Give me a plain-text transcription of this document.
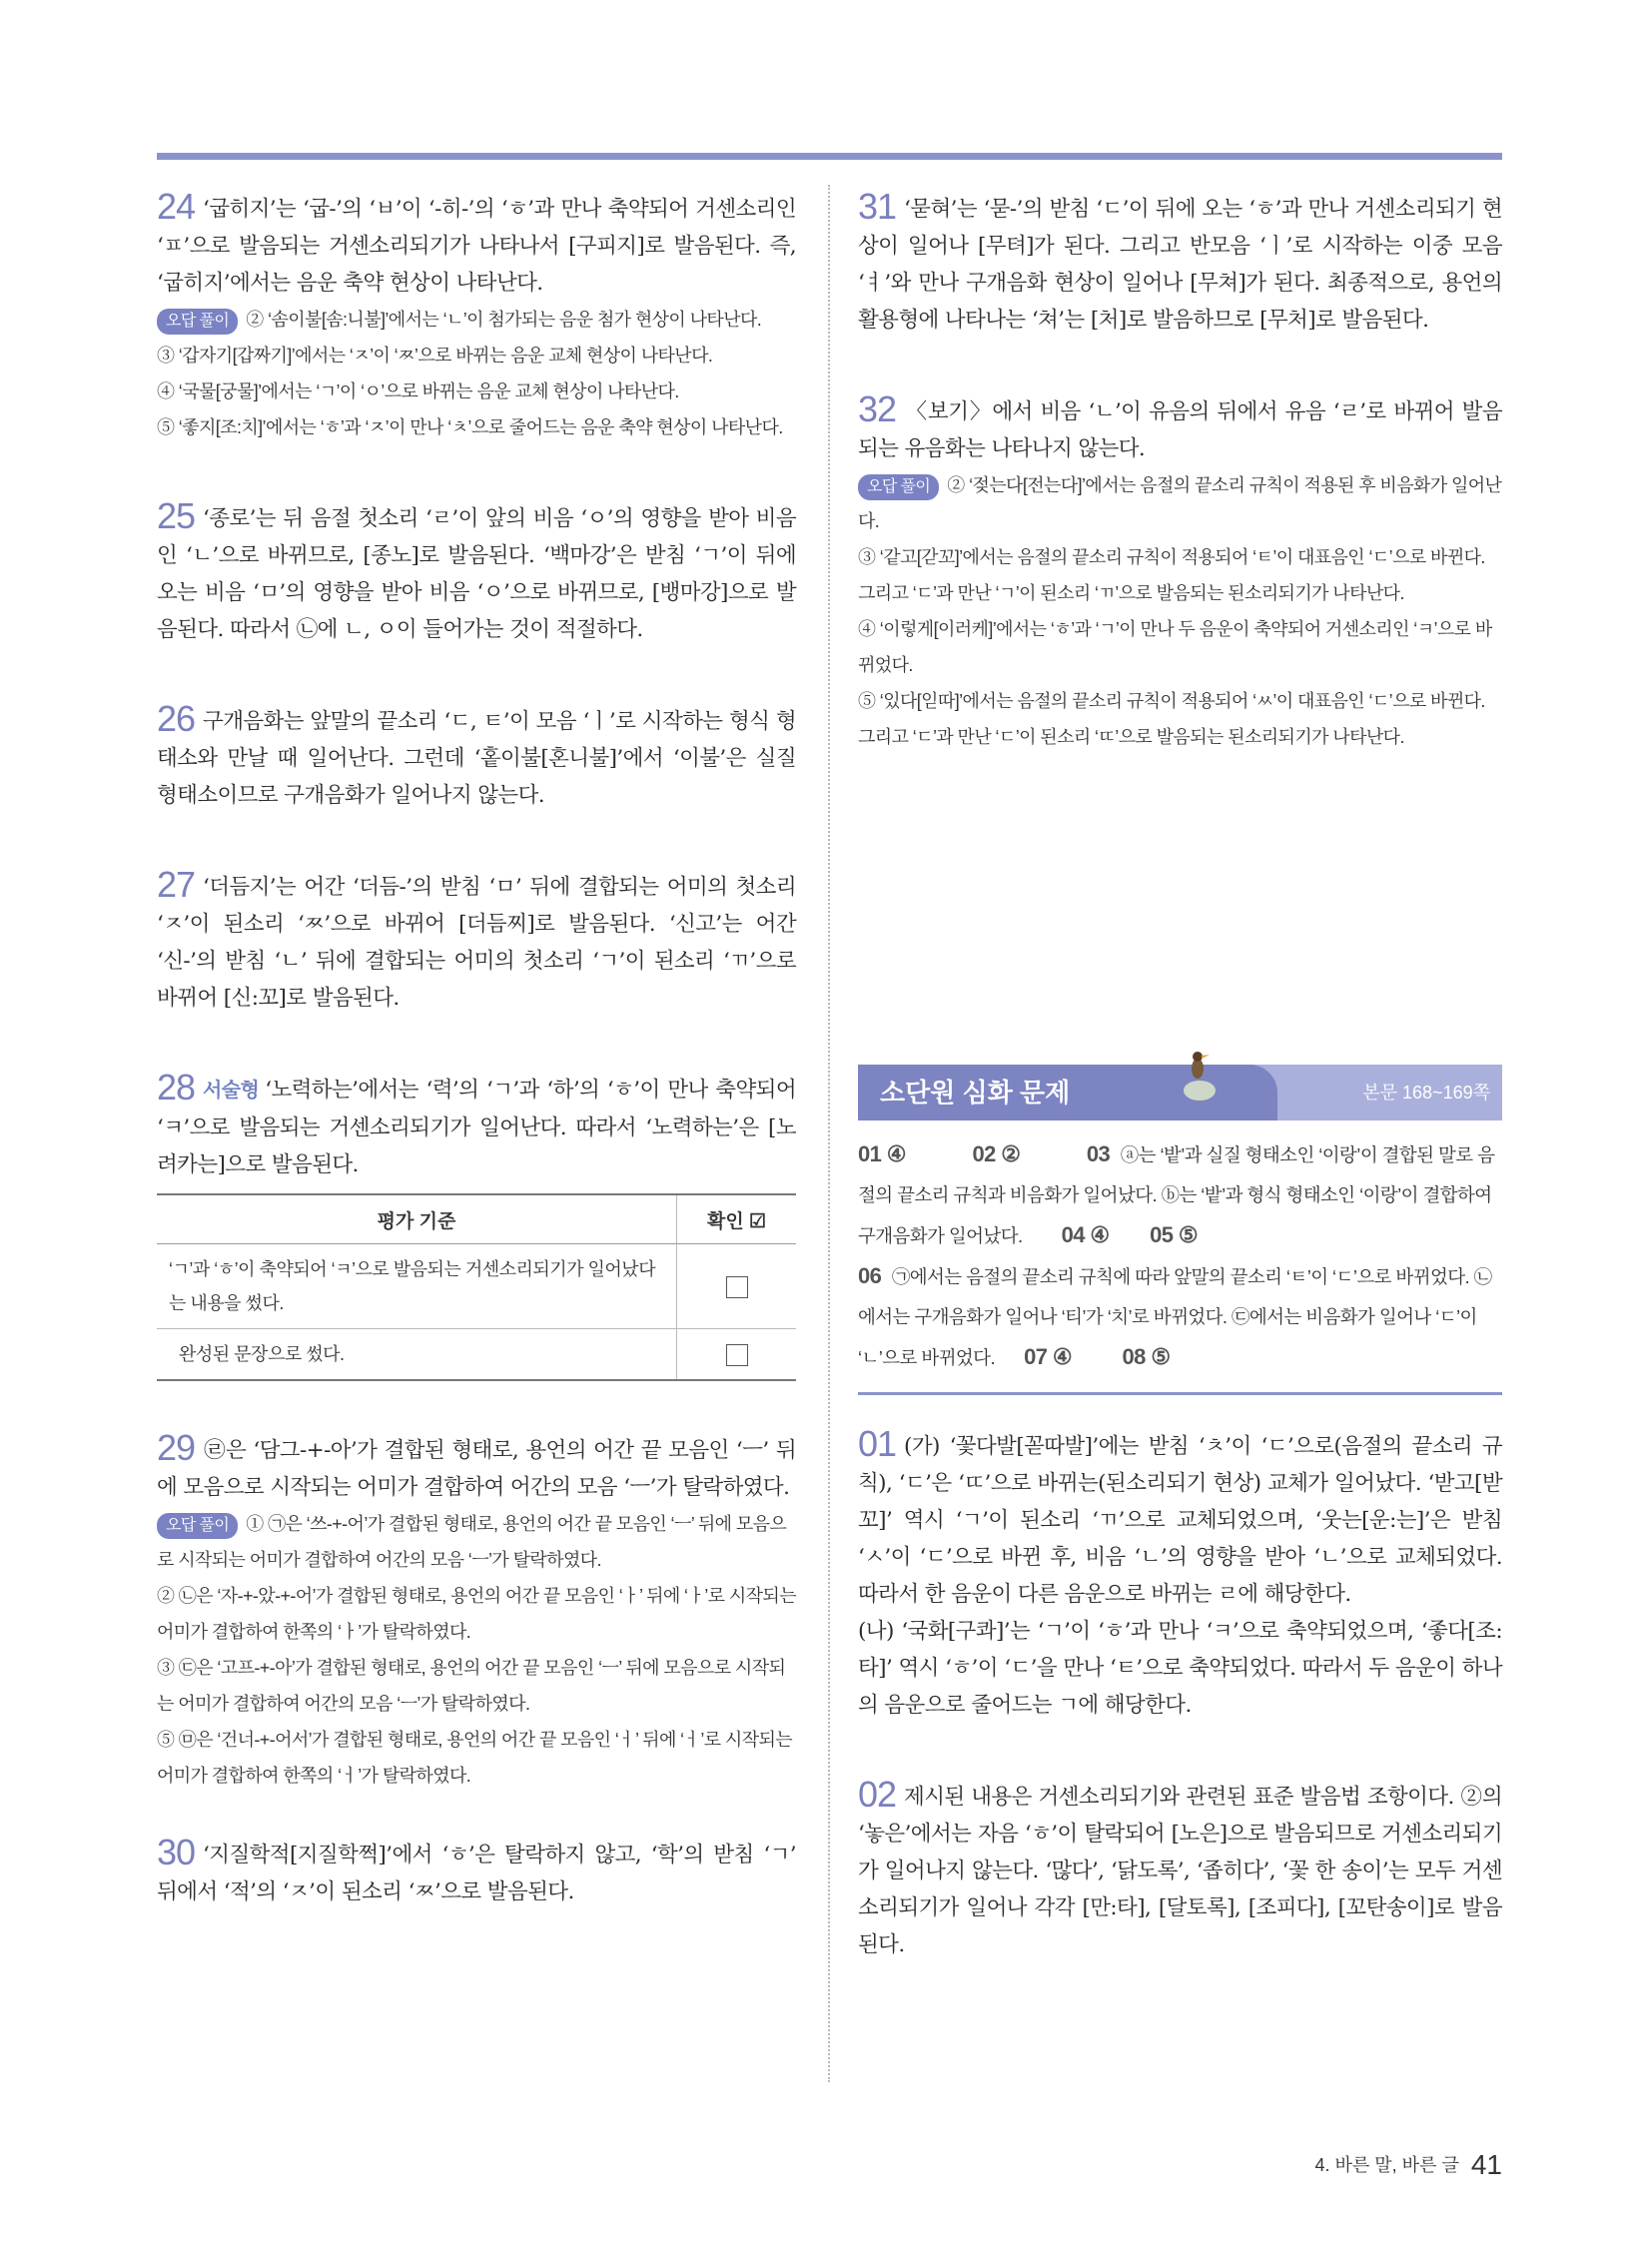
24 ‘굽히지’는 ‘굽-’의 ‘ㅂ’이 ‘-히-’의 ‘ㅎ’과 만나 축약되어 거센소리인 ‘ㅍ’으로 발음되는 거센소리되기가 나타나서 [구피지]로 발음된다. 즉, ‘굽히지’에서는 음운 축약 현상이 나타난다.

오답 풀이 ② ‘솜이불[솜:니불]’에서는 ‘ㄴ’이 첨가되는 음운 첨가 현상이 나타난다.

③ ‘갑자기[갑짜기]’에서는 ‘ㅈ’이 ‘ㅉ’으로 바뀌는 음운 교체 현상이 나타난다.

④ ‘국물[궁물]’에서는 ‘ㄱ’이 ‘ㅇ’으로 바뀌는 음운 교체 현상이 나타난다.

⑤ ‘좋지[조:치]’에서는 ‘ㅎ’과 ‘ㅈ’이 만나 ‘ㅊ’으로 줄어드는 음운 축약 현상이 나타난다.

25 ‘종로’는 뒤 음절 첫소리 ‘ㄹ’이 앞의 비음 ‘ㅇ’의 영향을 받아 비음인 ‘ㄴ’으로 바뀌므로, [종노]로 발음된다. ‘백마강’은 받침 ‘ㄱ’이 뒤에 오는 비음 ‘ㅁ’의 영향을 받아 비음 ‘ㅇ’으로 바뀌므로, [뱅마강]으로 발음된다. 따라서 ㉡에 ㄴ, ㅇ이 들어가는 것이 적절하다.

26 구개음화는 앞말의 끝소리 ‘ㄷ, ㅌ’이 모음 ‘ㅣ’로 시작하는 형식 형태소와 만날 때 일어난다. 그런데 ‘홑이불[혼니불]’에서 ‘이불’은 실질 형태소이므로 구개음화가 일어나지 않는다.

27 ‘더듬지’는 어간 ‘더듬-’의 받침 ‘ㅁ’ 뒤에 결합되는 어미의 첫소리 ‘ㅈ’이 된소리 ‘ㅉ’으로 바뀌어 [더듬찌]로 발음된다. ‘신고’는 어간 ‘신-’의 받침 ‘ㄴ’ 뒤에 결합되는 어미의 첫소리 ‘ㄱ’이 된소리 ‘ㄲ’으로 바뀌어 [신:꼬]로 발음된다.

28 서술형 ‘노력하는’에서는 ‘력’의 ‘ㄱ’과 ‘하’의 ‘ㅎ’이 만나 축약되어 ‘ㅋ’으로 발음되는 거센소리되기가 일어난다. 따라서 ‘노력하는’은 [노려카는]으로 발음된다.

평가 기준	확인 ☑
‘ㄱ’과 ‘ㅎ’이 축약되어 ‘ㅋ’으로 발음되는 거센소리되기가 일어났다는 내용을 썼다.	
완성된 문장으로 썼다.	

29 ㉣은 ‘담그-+-아’가 결합된 형태로, 용언의 어간 끝 모음인 ‘ㅡ’ 뒤에 모음으로 시작되는 어미가 결합하여 어간의 모음 ‘ㅡ’가 탈락하였다.

오답 풀이 ① ㉠은 ‘쓰-+-어’가 결합된 형태로, 용언의 어간 끝 모음인 ‘ㅡ’ 뒤에 모음으로 시작되는 어미가 결합하여 어간의 모음 ‘ㅡ’가 탈락하였다.

② ㉡은 ‘자-+-았-+-어’가 결합된 형태로, 용언의 어간 끝 모음인 ‘ㅏ’ 뒤에 ‘ㅏ’로 시작되는 어미가 결합하여 한쪽의 ‘ㅏ’가 탈락하였다.

③ ㉢은 ‘고프-+-아’가 결합된 형태로, 용언의 어간 끝 모음인 ‘ㅡ’ 뒤에 모음으로 시작되는 어미가 결합하여 어간의 모음 ‘ㅡ’가 탈락하였다.

⑤ ㉤은 ‘건너-+-어서’가 결합된 형태로, 용언의 어간 끝 모음인 ‘ㅓ’ 뒤에 ‘ㅓ’로 시작되는 어미가 결합하여 한쪽의 ‘ㅓ’가 탈락하였다.

30 ‘지질학적[지질학쩍]’에서 ‘ㅎ’은 탈락하지 않고, ‘학’의 받침 ‘ㄱ’ 뒤에서 ‘적’의 ‘ㅈ’이 된소리 ‘ㅉ’으로 발음된다.

31 ‘묻혀’는 ‘묻-’의 받침 ‘ㄷ’이 뒤에 오는 ‘ㅎ’과 만나 거센소리되기 현상이 일어나 [무텨]가 된다. 그리고 반모음 ‘ㅣ’로 시작하는 이중 모음 ‘ㅕ’와 만나 구개음화 현상이 일어나 [무쳐]가 된다. 최종적으로, 용언의 활용형에 나타나는 ‘쳐’는 [처]로 발음하므로 [무처]로 발음된다.

32 〈보기〉에서 비음 ‘ㄴ’이 유음의 뒤에서 유음 ‘ㄹ’로 바뀌어 발음되는 유음화는 나타나지 않는다.

오답 풀이 ② ‘젖는다[전는다]’에서는 음절의 끝소리 규칙이 적용된 후 비음화가 일어난다.

③ ‘같고[갇꼬]’에서는 음절의 끝소리 규칙이 적용되어 ‘ㅌ’이 대표음인 ‘ㄷ’으로 바뀐다. 그리고 ‘ㄷ’과 만난 ‘ㄱ’이 된소리 ‘ㄲ’으로 발음되는 된소리되기가 나타난다.

④ ‘이렇게[이러케]’에서는 ‘ㅎ’과 ‘ㄱ’이 만나 두 음운이 축약되어 거센소리인 ‘ㅋ’으로 바뀌었다.

⑤ ‘있다[읻따]’에서는 음절의 끝소리 규칙이 적용되어 ‘ㅆ’이 대표음인 ‘ㄷ’으로 바뀐다. 그리고 ‘ㄷ’과 만난 ‘ㄷ’이 된소리 ‘ㄸ’으로 발음되는 된소리되기가 나타난다.

소단원 심화 문제	본문 168~169쪽

01 ④	02 ②	03 ⓐ는 ‘밭’과 실질 형태소인 ‘이랑’이 결합된 말로 음절의 끝소리 규칙과 비음화가 일어났다. ⓑ는 ‘밭’과 형식 형태소인 ‘이랑’이 결합하여 구개음화가 일어났다. 04 ④ 05 ⑤

06 ㉠에서는 음절의 끝소리 규칙에 따라 앞말의 끝소리 ‘ㅌ’이 ‘ㄷ’으로 바뀌었다. ㉡에서는 구개음화가 일어나 ‘티’가 ‘치’로 바뀌었다. ㉢에서는 비음화가 일어나 ‘ㄷ’이 ‘ㄴ’으로 바뀌었다. 07 ④ 08 ⑤

01 (가) ‘꽃다발[꼳따발]’에는 받침 ‘ㅊ’이 ‘ㄷ’으로(음절의 끝소리 규칙), ‘ㄷ’은 ‘ㄸ’으로 바뀌는(된소리되기 현상) 교체가 일어났다. ‘받고[받꼬]’ 역시 ‘ㄱ’이 된소리 ‘ㄲ’으로 교체되었으며, ‘웃는[운:는]’은 받침 ‘ㅅ’이 ‘ㄷ’으로 바뀐 후, 비음 ‘ㄴ’의 영향을 받아 ‘ㄴ’으로 교체되었다. 따라서 한 음운이 다른 음운으로 바뀌는 ㄹ에 해당한다.

(나) ‘국화[구콰]’는 ‘ㄱ’이 ‘ㅎ’과 만나 ‘ㅋ’으로 축약되었으며, ‘좋다[조:타]’ 역시 ‘ㅎ’이 ‘ㄷ’을 만나 ‘ㅌ’으로 축약되었다. 따라서 두 음운이 하나의 음운으로 줄어드는 ㄱ에 해당한다.

02 제시된 내용은 거센소리되기와 관련된 표준 발음법 조항이다. ②의 ‘놓은’에서는 자음 ‘ㅎ’이 탈락되어 [노은]으로 발음되므로 거센소리되기가 일어나지 않는다. ‘많다’, ‘닭도록’, ‘좁히다’, ‘꽃 한 송이’는 모두 거센소리되기가 일어나 각각 [만:타], [달토록], [조피다], [꼬탄송이]로 발음된다.

4. 바른 말, 바른 글 41
